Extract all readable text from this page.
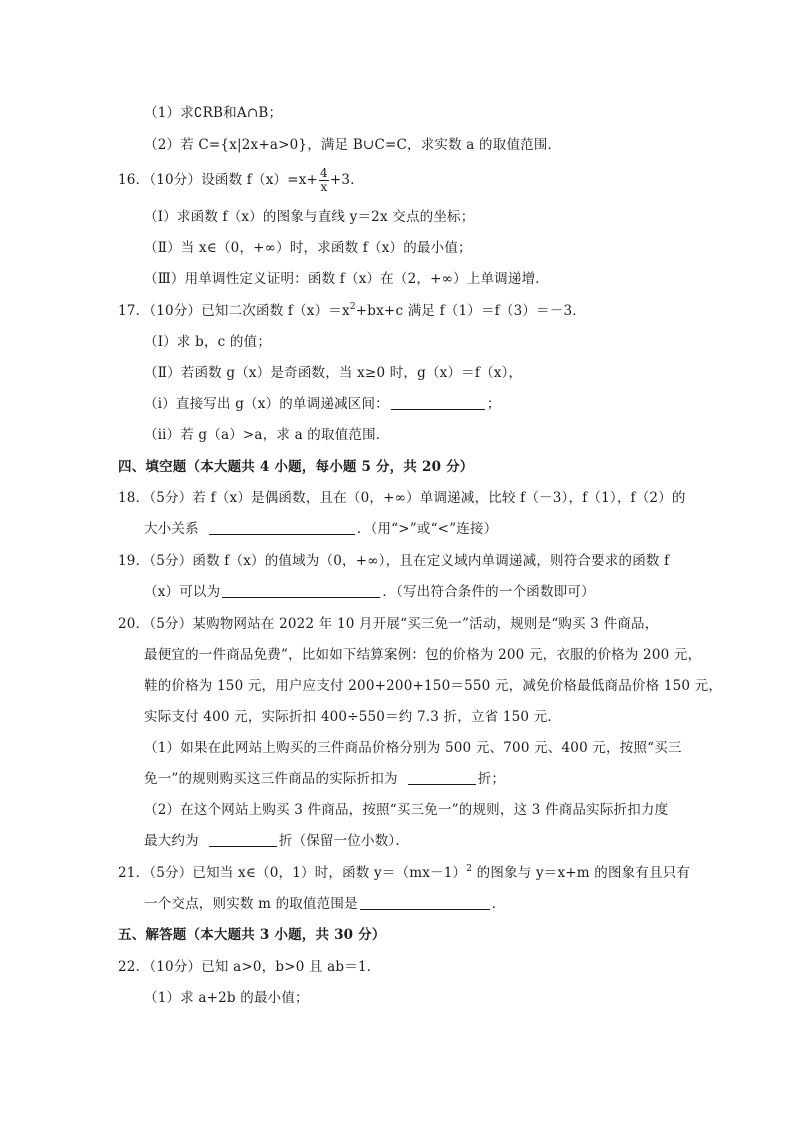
（1）求∁RB和A∩B；
（2）若 C={x|2x+a>0}，满足 B∪C=C，求实数 a 的取值范围．
16．（10分）设函数 $f(x)=x+ \frac{4}{x} +3$．
（Ⅰ）求函数 f（x）的图象与直线 y＝2x 交点的坐标；
（Ⅱ）当 x∈（0，+∞）时，求函数 f（x）的最小值；
（Ⅲ）用单调性定义证明：函数 f（x）在（2，+∞）上单调递增．
17．（10分）已知二次函数 $f(x)=x^2+bx+c$ 满足 f（1）＝f（3）＝－3．
（Ⅰ）求 b，c 的值；
（Ⅱ）若函数 g（x）是奇函数，当 x≥0 时，g（x）＝f（x），
（ⅰ）直接写出 g（x）的单调递减区间：	；
（ⅱ）若 g（a）>a，求 a 的取值范围．
四、填空题（本大题共 4 小题，每小题 5 分，共 20 分）
18．（5分）若 f（x）是偶函数，且在（0，+∞）单调递减，比较 f（－3），f（1），f（2）的
大小关系	．（用“>”或“<”连接）
19．（5分）函数 f（x）的值域为（0，+∞），且在定义域内单调递减，则符合要求的函数 f
（x）可以为	．（写出符合条件的一个函数即可）
20．（5分）某购物网站在 2022 年 10 月开展“买三免一”活动，规则是“购买 3 件商品，
最便宜的一件商品免费”，比如如下结算案例：包的价格为 200 元，衣服的价格为 200 元，
鞋的价格为 150 元，用户应支付 200+200+150＝550 元，减免价格最低商品价格 150 元，
实际支付 400 元，实际折扣 400÷550＝约 7.3 折，立省 150 元．
（1）如果在此网站上购买的三件商品价格分别为 500 元、700 元、400 元，按照“买三
免一”的规则购买这三件商品的实际折扣为	折；
（2）在这个网站上购买 3 件商品，按照“买三免一”的规则，这 3 件商品实际折扣力度
最大约为	折（保留一位小数）．
21．（5分）已知当 x∈（0，1）时，函数 $y=(mx-1)^2$ 的图象与 y＝x+m 的图象有且只有
一个交点，则实数 m 的取值范围是	．
五、解答题（本大题共 3 小题，共 30 分）
22．（10分）已知 a>0，b>0 且 ab＝1．
（1）求 a+2b 的最小值；
